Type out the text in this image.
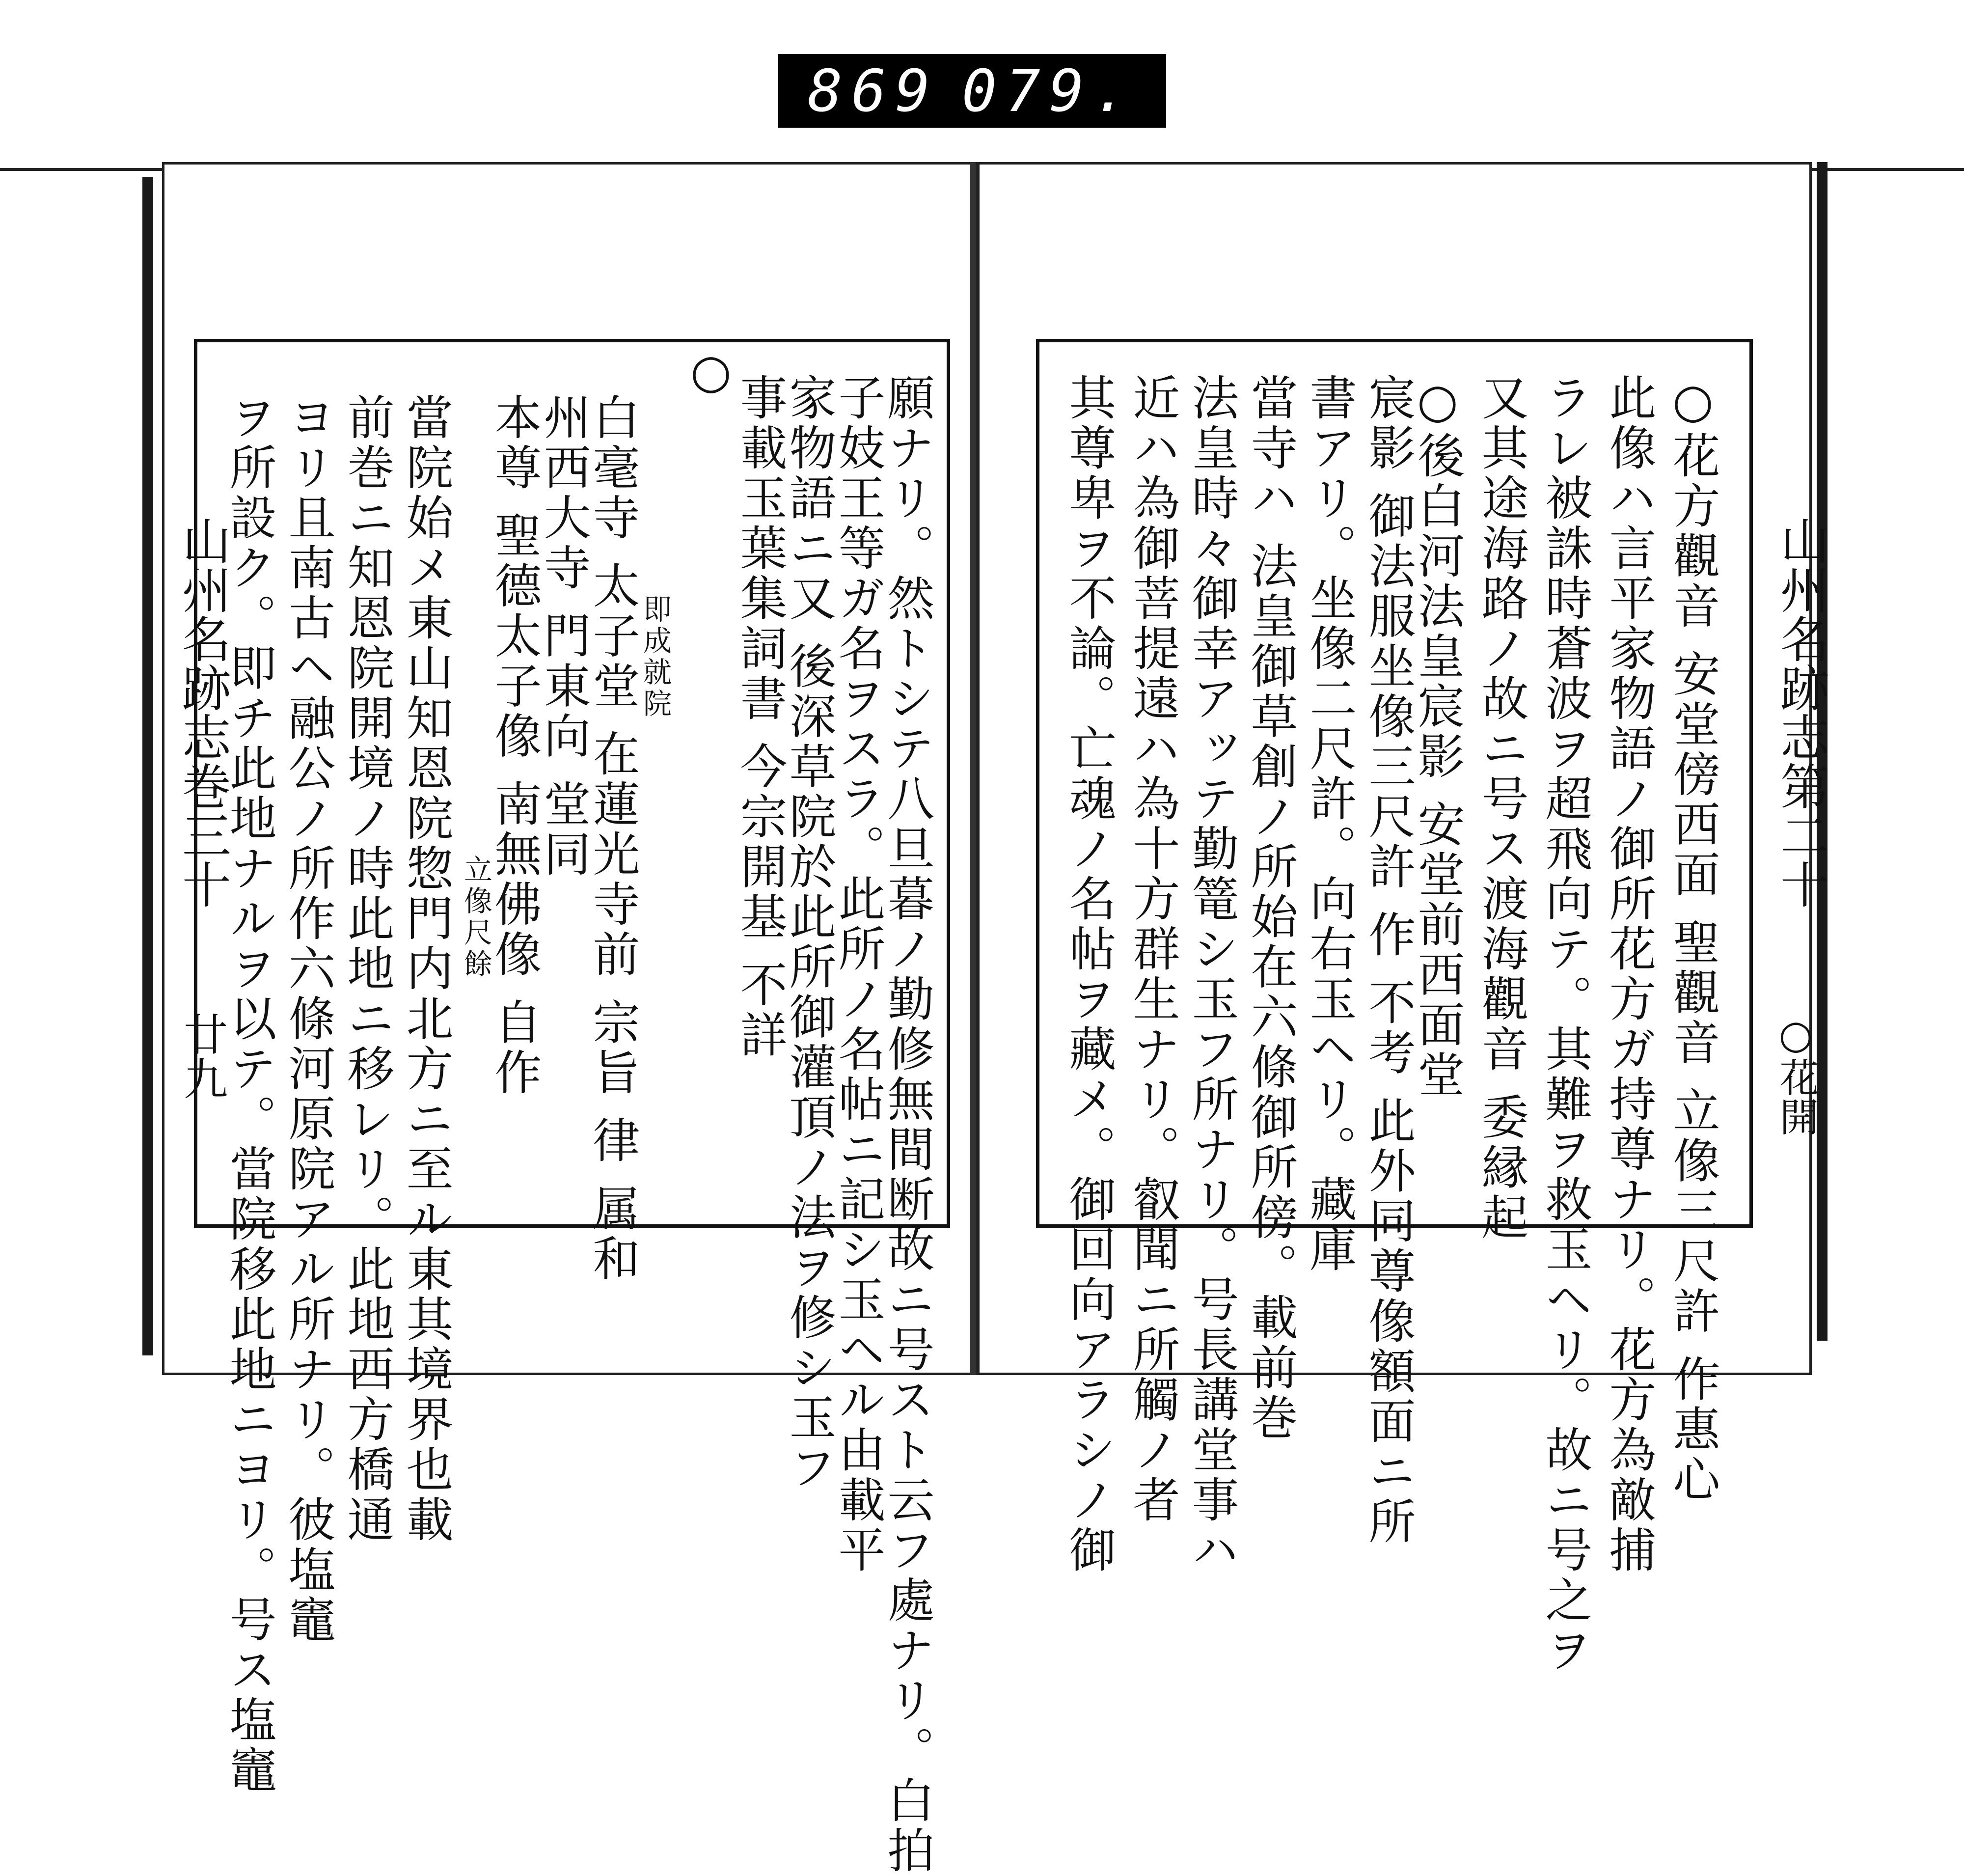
869 079.
山州名跡志巻三十
廿九
山州名跡志第二十
○花開
願ナリ。然トシテ八旦暮ノ勤修無間断故ニ号スト云フ處ナリ。白拍
子妓王等ガ名ヲスラ。此所ノ名帖ニ記シ玉ヘル由載平
家物語ニ又 後深草院於此所御灌頂ノ法ヲ修シ玉フ
事載玉葉集詞書 今宗開基 不詳
○
白毫寺 太子堂 在蓮光寺前 宗旨 律 属和
即成就院
州西大寺 門東向 堂同
本尊 聖德太子像 南無佛像 自作
立像尺餘
當院始メ東山知恩院惣門内北方ニ至ル東其境界也載
前巻ニ知恩院開境ノ時此地ニ移レリ。此地西方橋通
ヨリ且南古ヘ融公ノ所作六條河原院アル所ナリ。彼塩竈
ヲ所設ク。即チ此地ナルヲ以テ。當院移此地ニヨリ。号ス塩竈	○花方觀音 安堂傍西面 聖觀音 立像三尺許 作惠心
此像ハ言平家物語ノ御所花方ガ持尊ナリ。花方為敵捕
ラレ被誅時蒼波ヲ超飛向テ。其難ヲ救玉ヘリ。故ニ号之ヲ
又其途海路ノ故ニ号ス渡海觀音 委縁起
○後白河法皇宸影 安堂前西面堂
宸影 御法服坐像三尺許 作 不考 此外同尊像額面ニ所
書アリ。坐像二尺許。向右玉ヘリ。藏庫
當寺ハ 法皇御草創ノ所始在六條御所傍。載前巻
法皇時々御幸アッテ勤篭シ玉フ所ナリ。号長講堂事ハ
近ハ為御菩提遠ハ為十方群生ナリ。叡聞ニ所觸ノ者
其尊卑ヲ不論。亡魂ノ名帖ヲ藏メ。御回向アラシノ御
